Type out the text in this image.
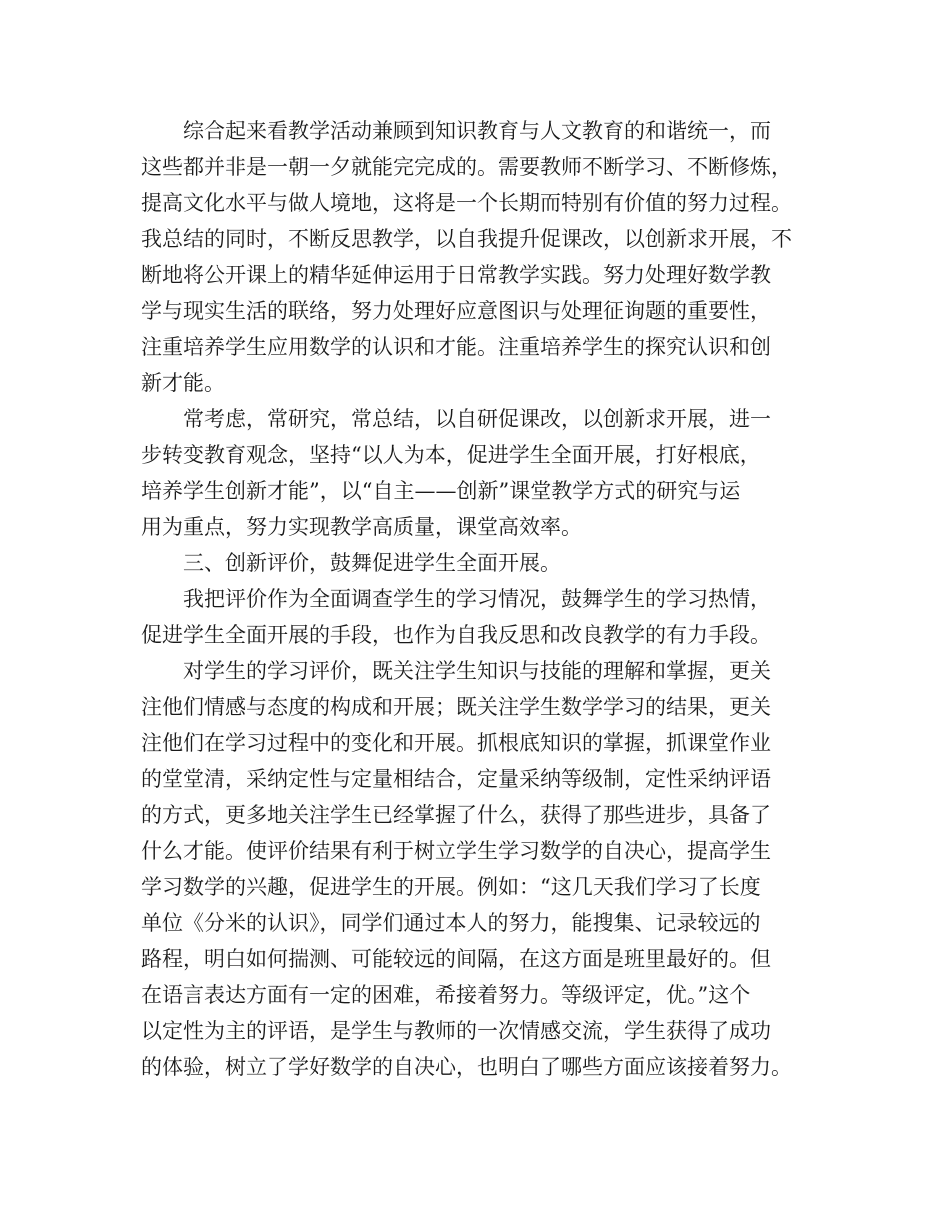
综合起来看教学活动兼顾到知识教育与人文教育的和谐统一，而
这些都并非是一朝一夕就能完完成的。需要教师不断学习、不断修炼，
提高文化水平与做人境地，这将是一个长期而特别有价值的努力过程。
我总结的同时，不断反思教学，以自我提升促课改，以创新求开展，不
断地将公开课上的精华延伸运用于日常教学实践。努力处理好数学教
学与现实生活的联络，努力处理好应意图识与处理征询题的重要性，
注重培养学生应用数学的认识和才能。注重培养学生的探究认识和创
新才能。
常考虑，常研究，常总结，以自研促课改，以创新求开展，进一
步转变教育观念，坚持“以人为本，促进学生全面开展，打好根底，
培养学生创新才能”，以“自主——创新”课堂教学方式的研究与运
用为重点，努力实现教学高质量，课堂高效率。
三、创新评价，鼓舞促进学生全面开展。
我把评价作为全面调查学生的学习情况，鼓舞学生的学习热情，
促进学生全面开展的手段，也作为自我反思和改良教学的有力手段。
对学生的学习评价，既关注学生知识与技能的理解和掌握，更关
注他们情感与态度的构成和开展；既关注学生数学学习的结果，更关
注他们在学习过程中的变化和开展。抓根底知识的掌握，抓课堂作业
的堂堂清，采纳定性与定量相结合，定量采纳等级制，定性采纳评语
的方式，更多地关注学生已经掌握了什么，获得了那些进步，具备了
什么才能。使评价结果有利于树立学生学习数学的自决心，提高学生
学习数学的兴趣，促进学生的开展。例如：“这几天我们学习了长度
单位《分米的认识》，同学们通过本人的努力，能搜集、记录较远的
路程，明白如何揣测、可能较远的间隔，在这方面是班里最好的。但
在语言表达方面有一定的困难，希接着努力。等级评定，优。”这个
以定性为主的评语，是学生与教师的一次情感交流，学生获得了成功
的体验，树立了学好数学的自决心，也明白了哪些方面应该接着努力。
